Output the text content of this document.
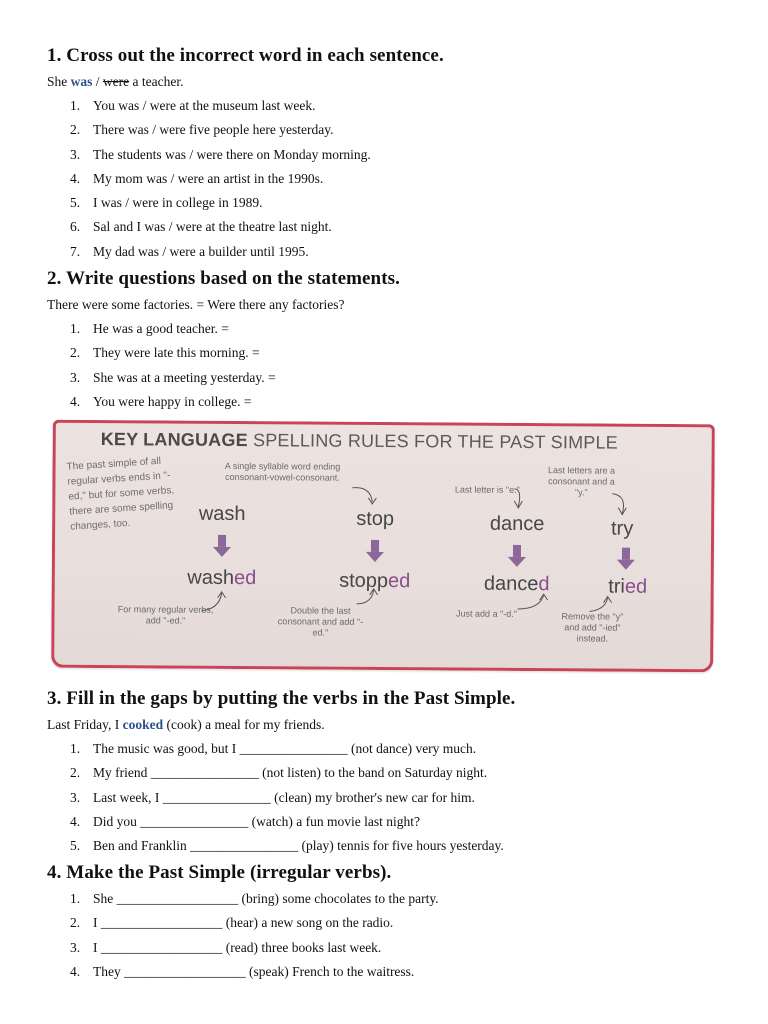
1. Cross out the incorrect word in each sentence.

She was / were a teacher.

1. You was / were at the museum last week.
2. There was / were five people here yesterday.
3. The students was / were there on Monday morning.
4. My mom was / were an artist in the 1990s.
5. I was / were in college in 1989.
6. Sal and I was / were at the theatre last night.
7. My dad was / were a builder until 1995.
2. Write questions based on the statements.

There were some factories. = Were there any factories?

1. He was a good teacher. =
2. They were late this morning. =
3. She was at a meeting yesterday. =
4. You were happy in college. =
KEY LANGUAGE SPELLING RULES FOR THE PAST SIMPLE
The past simple of all regular verbs ends in "-ed," but for some verbs, there are some spelling changes, too.
A single syllable word ending consonant-vowel-consonant.
Last letter is "e."
Last letters are a consonant and a "y."
wash	stop	dance	try
washed	stopped	danced	tried
For many regular verbs, add "-ed."
Double the last consonant and add "-ed."
Just add a "-d."	Remove the "y" and add "-ied" instead.
3. Fill in the gaps by putting the verbs in the Past Simple.

Last Friday, I cooked (cook) a meal for my friends.

1. The music was good, but I ________________ (not dance) very much.
2. My friend ________________ (not listen) to the band on Saturday night.
3. Last week, I ________________ (clean) my brother's new car for him.
4. Did you ________________ (watch) a fun movie last night?
5. Ben and Franklin ________________ (play) tennis for five hours yesterday.
4. Make the Past Simple (irregular verbs).
1. She __________________ (bring) some chocolates to the party.
2. I __________________ (hear) a new song on the radio.
3. I __________________ (read) three books last week.
4. They __________________ (speak) French to the waitress.
